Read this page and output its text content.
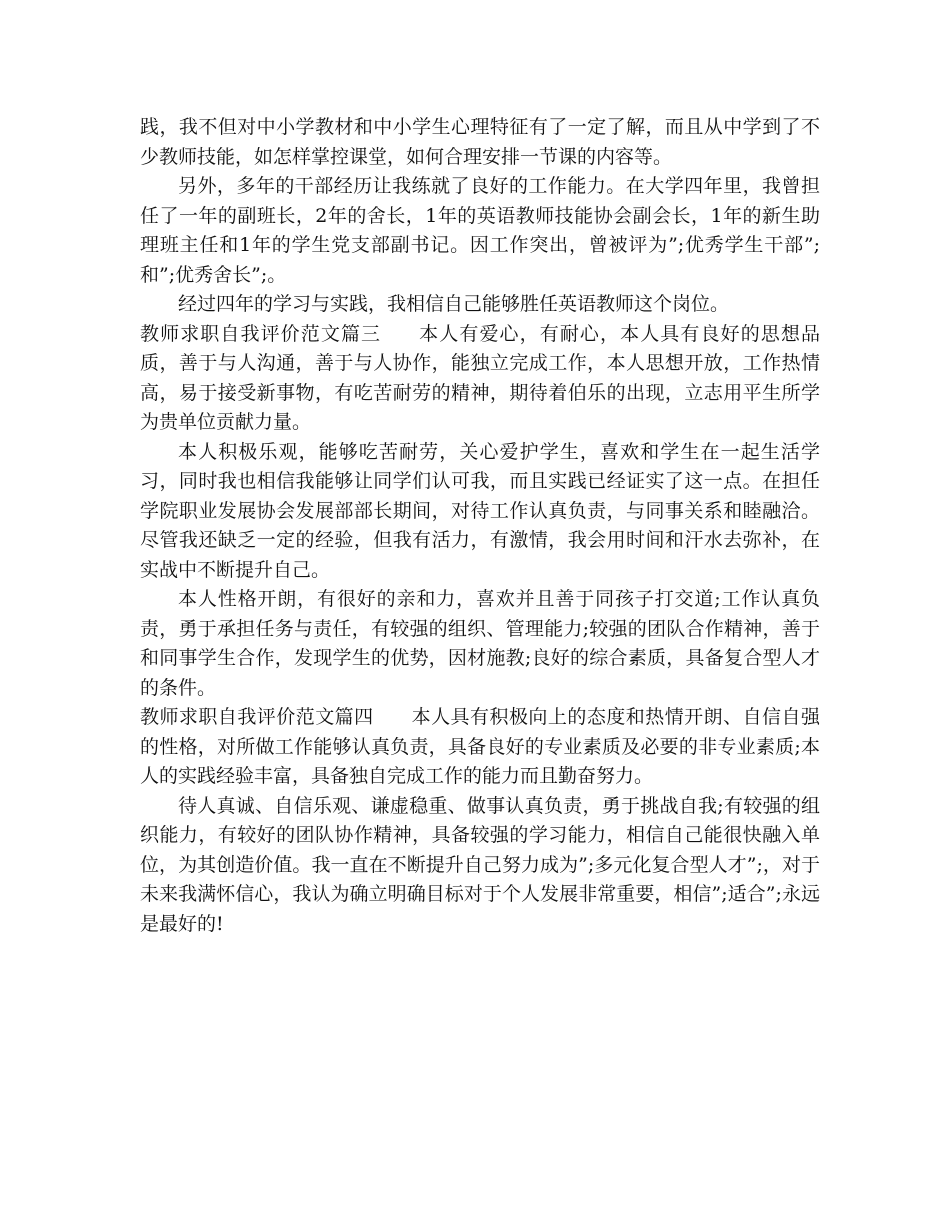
践，我不但对中小学教材和中小学生心理特征有了一定了解，而且从中学到了不少教师技能，如怎样掌控课堂，如何合理安排一节课的内容等。

另外，多年的干部经历让我练就了良好的工作能力。在大学四年里，我曾担任了一年的副班长，2年的舍长，1年的英语教师技能协会副会长，1年的新生助理班主任和1年的学生党支部副书记。因工作突出，曾被评为”;优秀学生干部”;和”;优秀舍长”;。

经过四年的学习与实践，我相信自己能够胜任英语教师这个岗位。

教师求职自我评价范文篇三 本人有爱心，有耐心，本人具有良好的思想品质，善于与人沟通，善于与人协作，能独立完成工作，本人思想开放，工作热情高，易于接受新事物，有吃苦耐劳的精神，期待着伯乐的出现，立志用平生所学为贵单位贡献力量。

本人积极乐观，能够吃苦耐劳，关心爱护学生，喜欢和学生在一起生活学习，同时我也相信我能够让同学们认可我，而且实践已经证实了这一点。在担任学院职业发展协会发展部部长期间，对待工作认真负责，与同事关系和睦融洽。尽管我还缺乏一定的经验，但我有活力，有激情，我会用时间和汗水去弥补，在实战中不断提升自己。

本人性格开朗，有很好的亲和力，喜欢并且善于同孩子打交道;工作认真负责，勇于承担任务与责任，有较强的组织、管理能力;较强的团队合作精神，善于和同事学生合作，发现学生的优势，因材施教;良好的综合素质，具备复合型人才的条件。

教师求职自我评价范文篇四 本人具有积极向上的态度和热情开朗、自信自强的性格，对所做工作能够认真负责，具备良好的专业素质及必要的非专业素质;本人的实践经验丰富，具备独自完成工作的能力而且勤奋努力。

待人真诚、自信乐观、谦虚稳重、做事认真负责，勇于挑战自我;有较强的组织能力，有较好的团队协作精神，具备较强的学习能力，相信自己能很快融入单位，为其创造价值。我一直在不断提升自己努力成为”;多元化复合型人才”;，对于未来我满怀信心，我认为确立明确目标对于个人发展非常重要，相信”;适合”;永远是最好的!
